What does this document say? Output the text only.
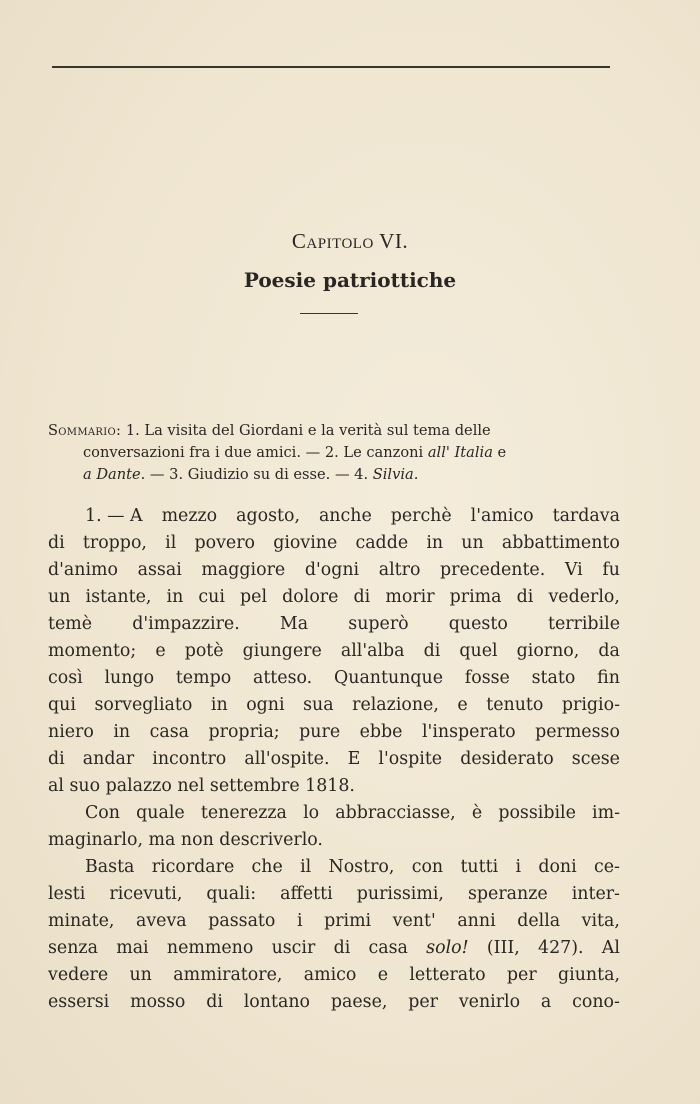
Capitolo VI.
Poesie patriottiche
Sommario: 1. La visita del Giordani e la verità sul tema delle
conversazioni fra i due amici. — 2. Le canzoni all' Italia e
a Dante. — 3. Giudizio su di esse. — 4. Silvia.
1. — A mezzo agosto, anche perchè l'amico tardava
di troppo, il povero giovine cadde in un abbattimento
d'animo assai maggiore d'ogni altro precedente. Vi fu
un istante, in cui pel dolore di morir prima di vederlo,
temè d'impazzire. Ma superò questo terribile
momento; e potè giungere all'alba di quel giorno, da
così lungo tempo atteso. Quantunque fosse stato fin
qui sorvegliato in ogni sua relazione, e tenuto prigio-
niero in casa propria; pure ebbe l'insperato permesso
di andar incontro all'ospite. E l'ospite desiderato scese
al suo palazzo nel settembre 1818.
Con quale tenerezza lo abbracciasse, è possibile im-
maginarlo, ma non descriverlo.
Basta ricordare che il Nostro, con tutti i doni ce-
lesti ricevuti, quali: affetti purissimi, speranze inter-
minate, aveva passato i primi vent' anni della vita,
senza mai nemmeno uscir di casa solo! (III, 427). Al
vedere un ammiratore, amico e letterato per giunta,
essersi mosso di lontano paese, per venirlo a cono-
